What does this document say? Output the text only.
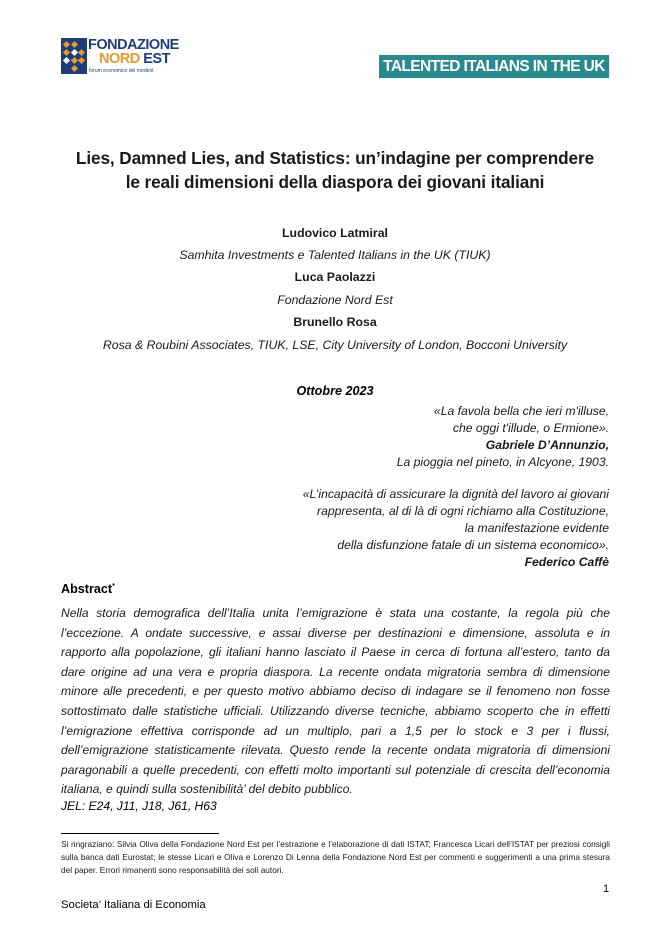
FONDAZIONE
NORD EST
forum economico del nordest	TALENTED ITALIANS IN THE UK
Lies, Damned Lies, and Statistics: un’indagine per comprendere
le reali dimensioni della diaspora dei giovani italiani
Ludovico Latmiral
Samhita Investments e Talented Italians in the UK (TIUK)
Luca Paolazzi
Fondazione Nord Est
Brunello Rosa
Rosa & Roubini Associates, TIUK, LSE, City University of London, Bocconi University
Ottobre 2023
«La favola bella che ieri m'illuse,
che oggi t'illude, o Ermione».
Gabriele D’Annunzio,
La pioggia nel pineto, in Alcyone, 1903.
«L’incapacità di assicurare la dignità del lavoro ai giovani
rappresenta, al di là di ogni richiamo alla Costituzione,
la manifestazione evidente
della disfunzione fatale di un sistema economico».
Federico Caffè
Abstract*
Nella storia demografica dell’Italia unita l’emigrazione è stata una costante, la regola più che l’eccezione. A ondate successive, e assai diverse per destinazioni e dimensione, assoluta e in rapporto alla popolazione, gli italiani hanno lasciato il Paese in cerca di fortuna all’estero, tanto da dare origine ad una vera e propria diaspora. La recente ondata migratoria sembra di dimensione minore alle precedenti, e per questo motivo abbiamo deciso di indagare se il fenomeno non fosse sottostimato dalle statistiche ufficiali. Utilizzando diverse tecniche, abbiamo scoperto che in effetti l’emigrazione effettiva corrisponde ad un multiplo, pari a 1,5 per lo stock e 3 per i flussi, dell’emigrazione statisticamente rilevata. Questo rende la recente ondata migratoria di dimensioni paragonabili a quelle precedenti, con effetti molto importanti sul potenziale di crescita dell’economia italiana, e quindi sulla sostenibilità’ del debito pubblico.
JEL: E24, J11, J18, J61, H63
Si ringraziano: Silvia Oliva della Fondazione Nord Est per l’estrazione e l’elaborazione di dati ISTAT; Francesca Licari dell’ISTAT per preziosi consigli sulla banca dati Eurostat; le stesse Licari e Oliva e Lorenzo Di Lenna della Fondazione Nord Est per commenti e suggerimenti a una prima stesura del paper. Errori rimanenti sono responsabilità dei soli autori.
1
Societa’ Italiana di Economia
